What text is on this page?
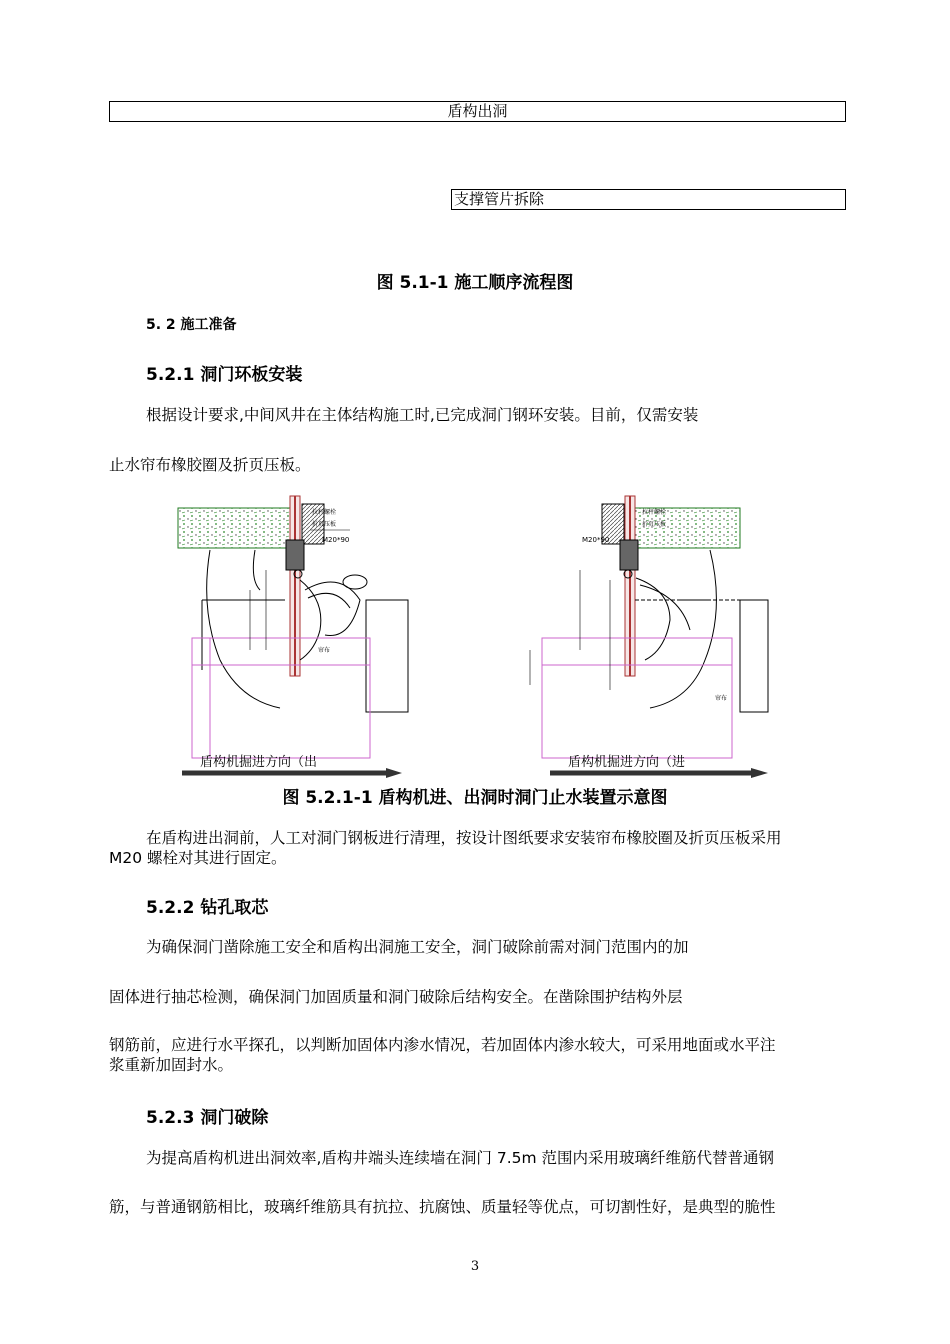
盾构出洞
支撑管片拆除
图 5.1-1 施工顺序流程图
5. 2 施工准备
5.2.1 洞门环板安装
根据设计要求,中间风井在主体结构施工时,已完成洞门钢环安装。目前，仅需安装
止水帘布橡胶圈及折页压板。
M20*90
拉杆螺栓
折页压板
帘布
M20*90
拉杆螺栓
折页压板
帘布
盾构机掘进方向（出	盾构机掘进方向（进
图 5.2.1-1 盾构机进、出洞时洞门止水装置示意图
在盾构进出洞前，人工对洞门钢板进行清理，按设计图纸要求安装帘布橡胶圈及折页压板采用
M20 螺栓对其进行固定。
5.2.2 钻孔取芯
为确保洞门凿除施工安全和盾构出洞施工安全，洞门破除前需对洞门范围内的加
固体进行抽芯检测，确保洞门加固质量和洞门破除后结构安全。在凿除围护结构外层
钢筋前，应进行水平探孔，以判断加固体内渗水情况，若加固体内渗水较大，可采用地面或水平注
浆重新加固封水。
5.2.3 洞门破除
为提高盾构机进出洞效率,盾构井端头连续墙在洞门 7.5m 范围内采用玻璃纤维筋代替普通钢
筋，与普通钢筋相比，玻璃纤维筋具有抗拉、抗腐蚀、质量轻等优点，可切割性好，是典型的脆性
3
